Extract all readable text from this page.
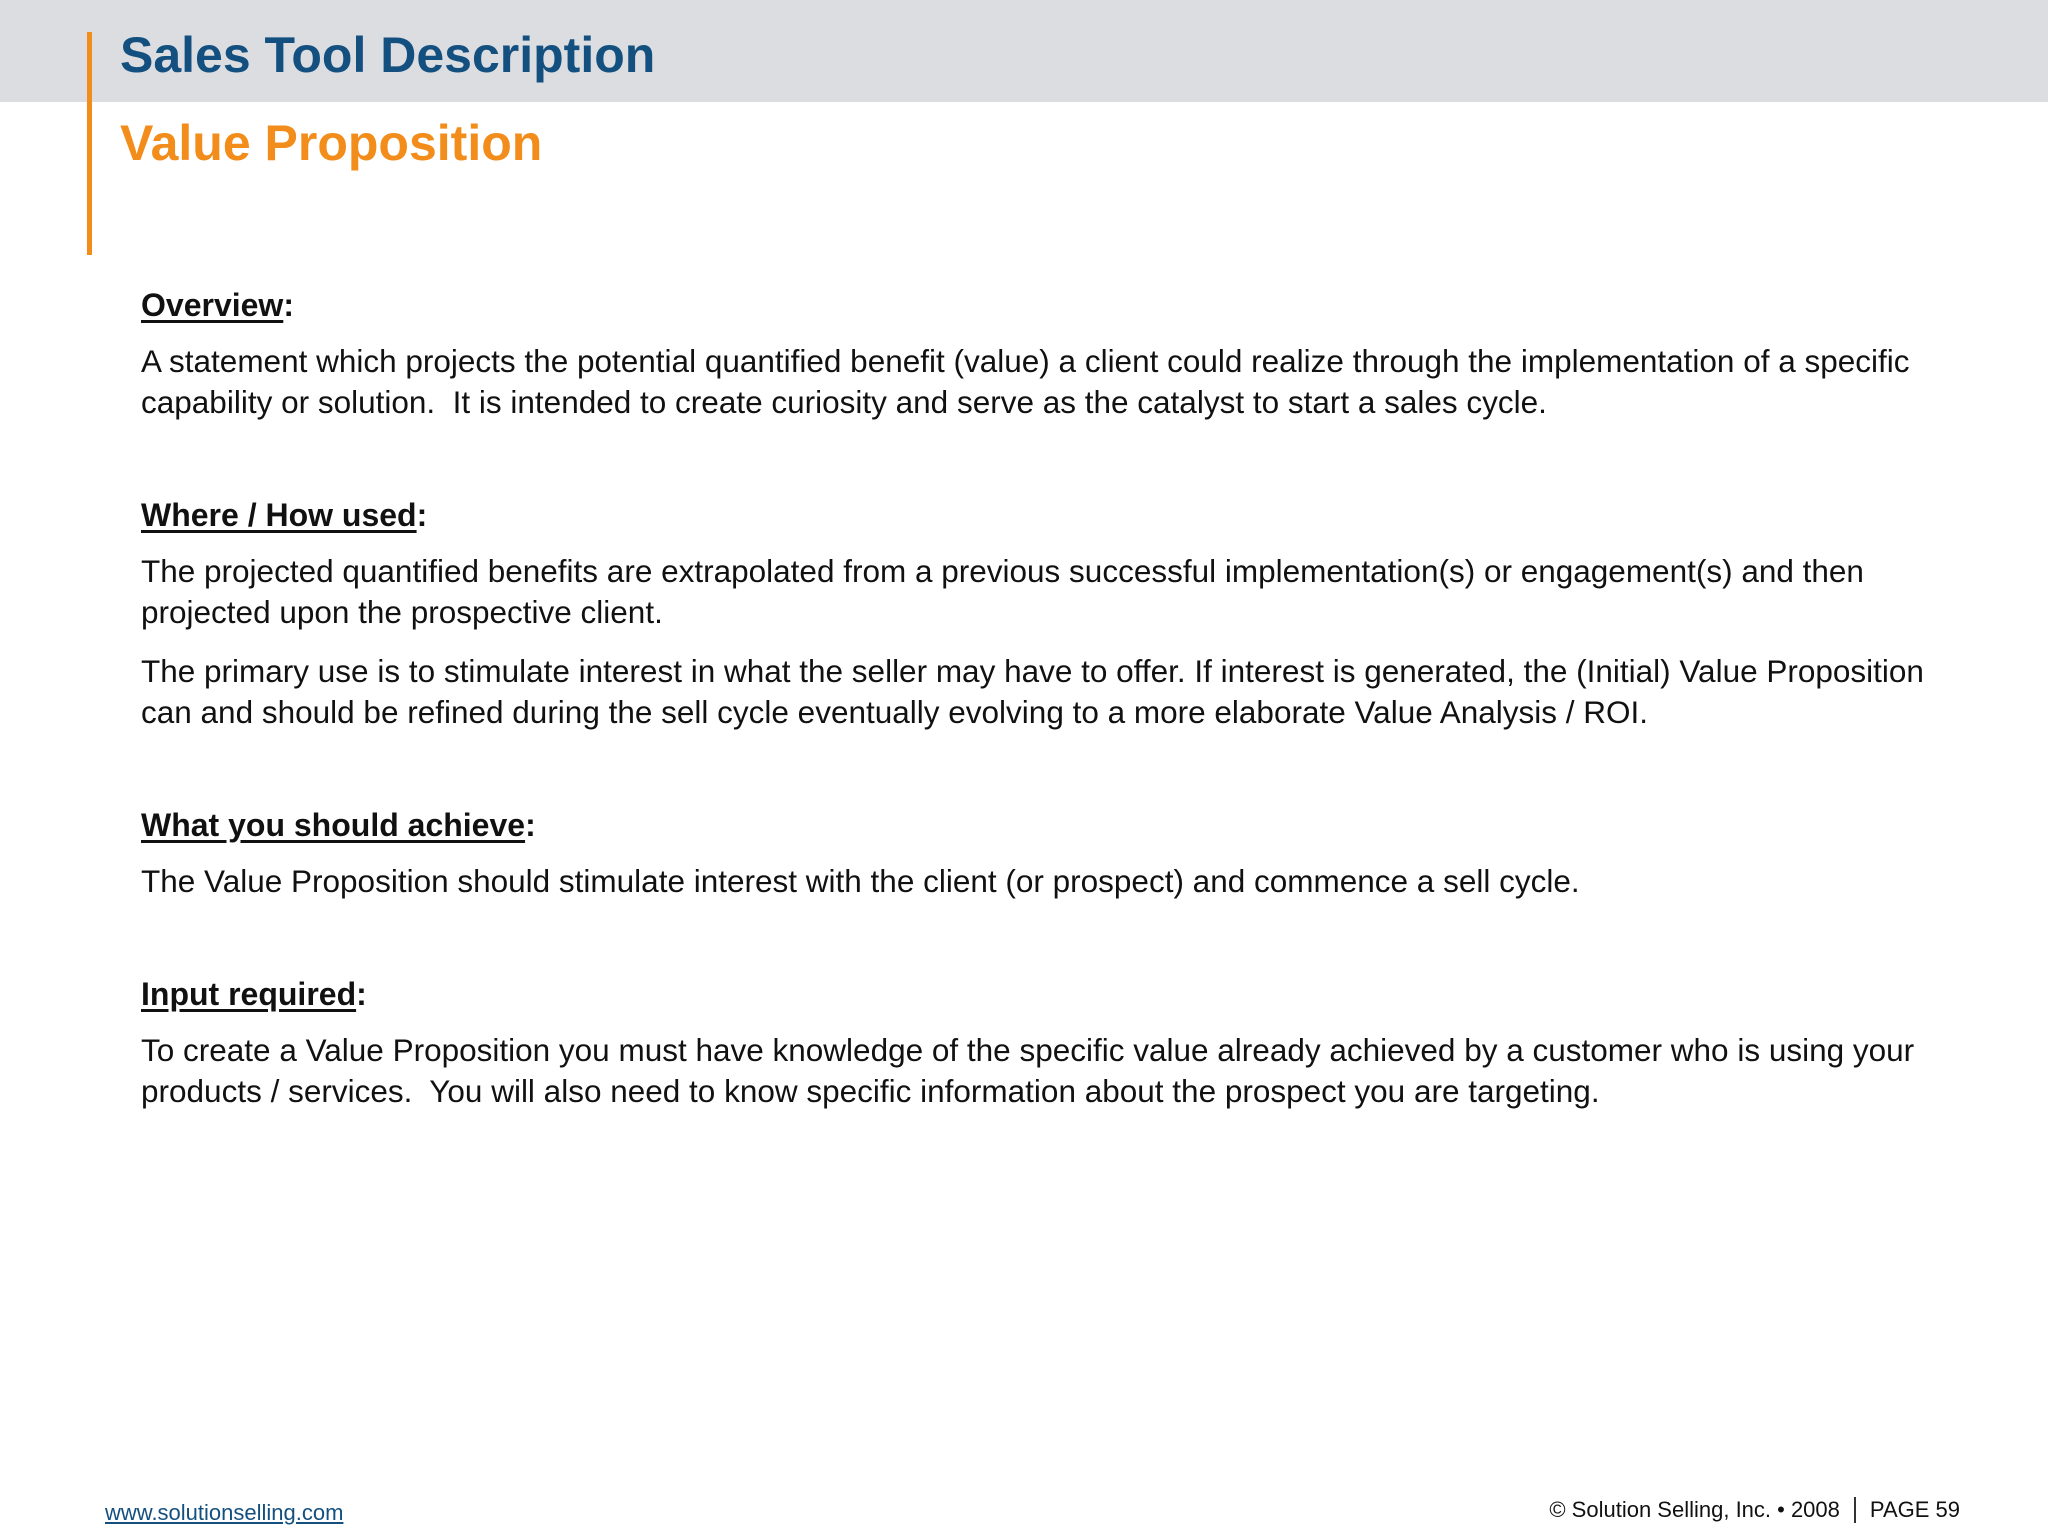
Sales Tool Description
Value Proposition
Overview:

A statement which projects the potential quantified benefit (value) a client could realize through the implementation of a specific capability or solution.  It is intended to create curiosity and serve as the catalyst to start a sales cycle.

Where / How used:

The projected quantified benefits are extrapolated from a previous successful implementation(s) or engagement(s) and then projected upon the prospective client.

The primary use is to stimulate interest in what the seller may have to offer. If interest is generated, the (Initial) Value Proposition can and should be refined during the sell cycle eventually evolving to a more elaborate Value Analysis / ROI.

What you should achieve:

The Value Proposition should stimulate interest with the client (or prospect) and commence a sell cycle.

Input required:

To create a Value Proposition you must have knowledge of the specific value already achieved by a customer who is using your products / services.  You will also need to know specific information about the prospect you are targeting.

www.solutionselling.com	© Solution Selling, Inc. • 2008 PAGE 59
